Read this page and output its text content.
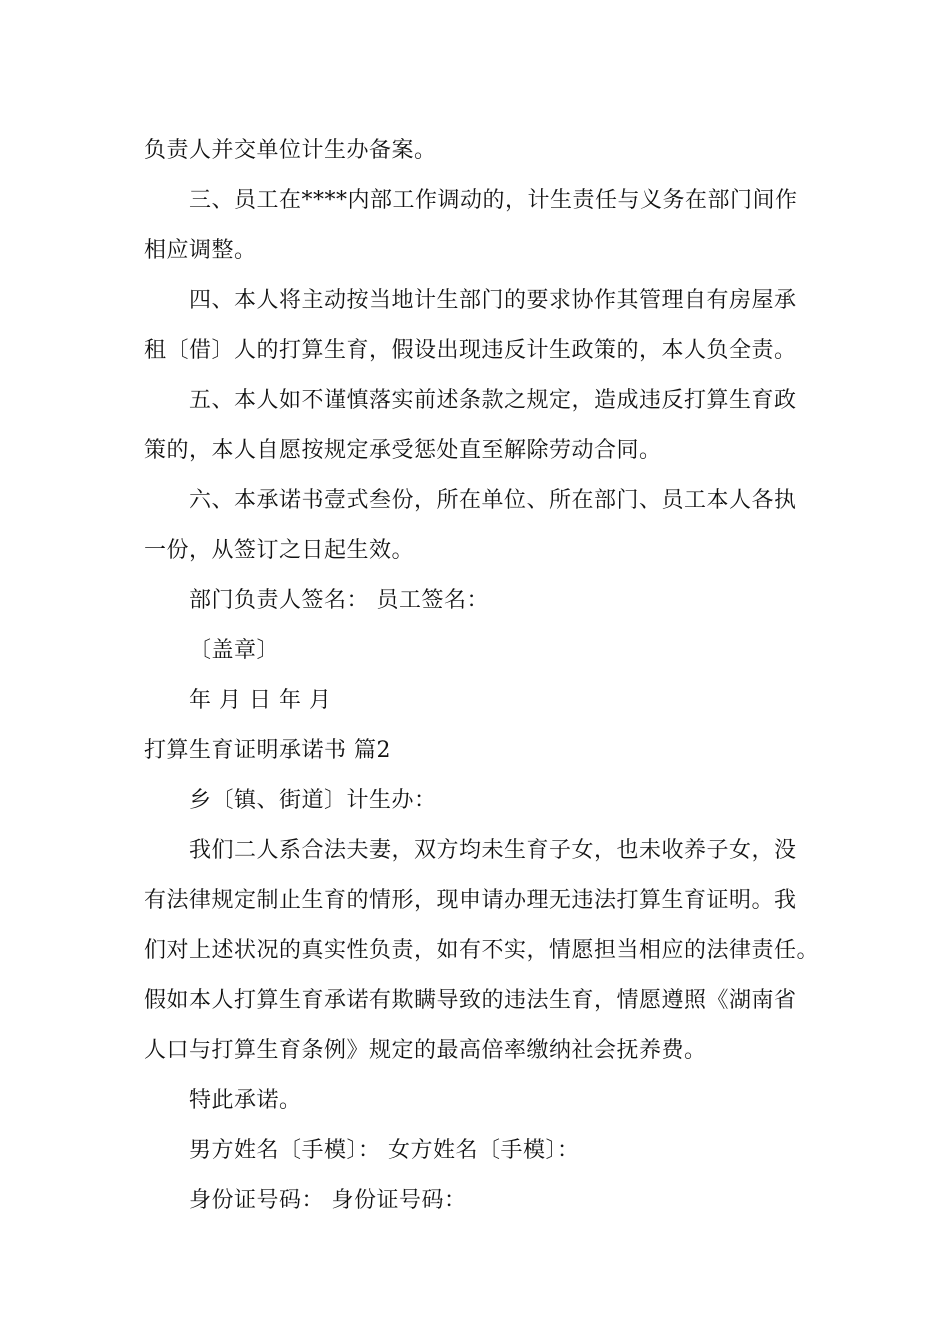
负责人并交单位计生办备案。
三、员工在****内部工作调动的，计生责任与义务在部门间作
相应调整。
四、本人将主动按当地计生部门的要求协作其管理自有房屋承
租〔借〕人的打算生育，假设出现违反计生政策的，本人负全责。
五、本人如不谨慎落实前述条款之规定，造成违反打算生育政
策的，本人自愿按规定承受惩处直至解除劳动合同。
六、本承诺书壹式叁份，所在单位、所在部门、员工本人各执
一份，从签订之日起生效。
部门负责人签名： 员工签名：
〔盖章〕
年 月 日 年 月
打算生育证明承诺书 篇2
乡〔镇、街道〕计生办：
我们二人系合法夫妻，双方均未生育子女，也未收养子女，没
有法律规定制止生育的情形，现申请办理无违法打算生育证明。我
们对上述状况的真实性负责，如有不实，情愿担当相应的法律责任。
假如本人打算生育承诺有欺瞒导致的违法生育，情愿遵照《湖南省
人口与打算生育条例》规定的最高倍率缴纳社会抚养费。
特此承诺。
男方姓名〔手模〕： 女方姓名〔手模〕：
身份证号码： 身份证号码：
